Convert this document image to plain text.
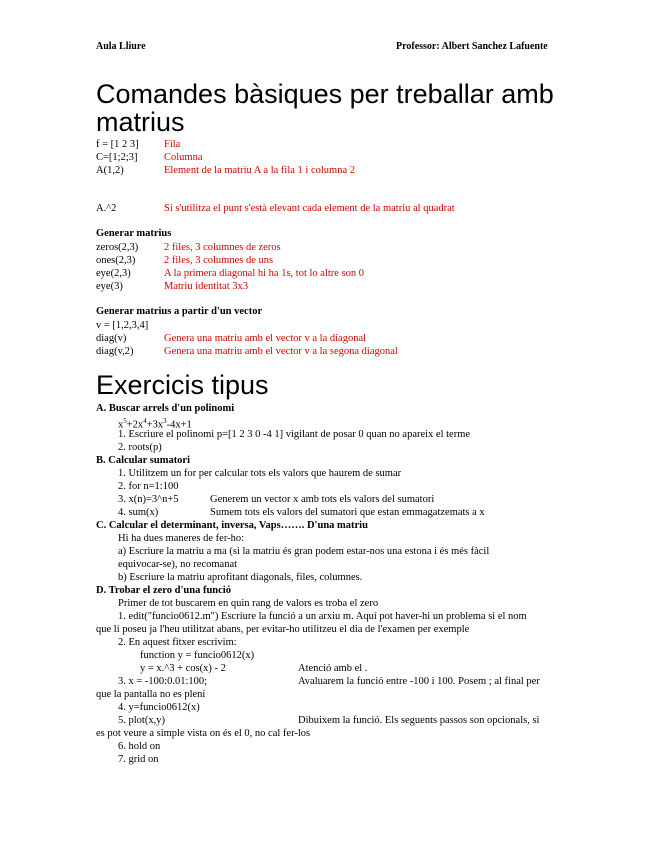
Aula Lliure	Professor: Albert Sanchez Lafuente
Comandes bàsiques per treballar amb matrius
f = [1 2 3] Fila
C=[1;2;3]	Columna
A(1,2)	Element de la matriu A a la fila 1 i columna 2
A.^2	Si s'utilitza el punt s'està elevant cada element de la matriu al quadrat
Generar matrius
zeros(2,3) 2 files, 3 columnes de zeros
ones(2,3)	2 files, 3 columnes de uns
eye(2,3)	A la primera diagonal hi ha 1s, tot lo altre son 0
eye(3)	Matriu identitat 3x3
Generar matrius a partir d'un vector
v = [1,2,3,4]
diag(v)	Genera una matriu amb el vector v a la diagonal
diag(v,2)	Genera una matriu amb el vector v a la segona diagonal
Exercicis tipus
A. Buscar arrels d'un polinomi
$x^5+2x^4+3x^3-4x+1$
1. Escriure el polinomi p=[1 2 3 0 -4 1] vigilant de posar 0 quan no apareix el terme
2. roots(p)
B. Calcular sumatori
1. Utilitzem un for per calcular tots els valors que haurem de sumar
2. for n=1:100
3. x(n)=3^n+5	Generem un vector x amb tots els valors del sumatori
4. sum(x)	Sumem tots els valors del sumatori que estan emmagatzemats a x
C. Calcular el determinant, inversa, Vaps……. D'una matriu
Hi ha dues maneres de fer-ho:
a) Escriure la matriu a ma (si la matriu és gran podem estar-nos una estona i és més fàcil
equivocar-se), no recomanat
b) Escriure la matriu aprofitant diagonals, files, columnes.
D. Trobar el zero d'una funció
Primer de tot buscarem en quin rang de valors es troba el zero
1. edit("funcio0612.m") Escriure la funció a un arxiu m. Aquí pot haver-hi un problema si el nom
que li poseu ja l'heu utilitzat abans, per evitar-ho utilitzeu el dia de l'examen per exemple
2. En aquest fitxer escrivim:
function y = funcio0612(x)
y = x.^3 + cos(x) - 2	Atenció amb el .
3. x = -100:0.01:100;	Avaluarem la funció entre -100 i 100. Posem ; al final per
que la pantalla no es plení
4. y=funcio0612(x)
5. plot(x,y)	Dibuixem la funció. Els seguents passos son opcionals, si
es pot veure a simple vista on és el 0, no cal fer-los
6. hold on
7. grid on
